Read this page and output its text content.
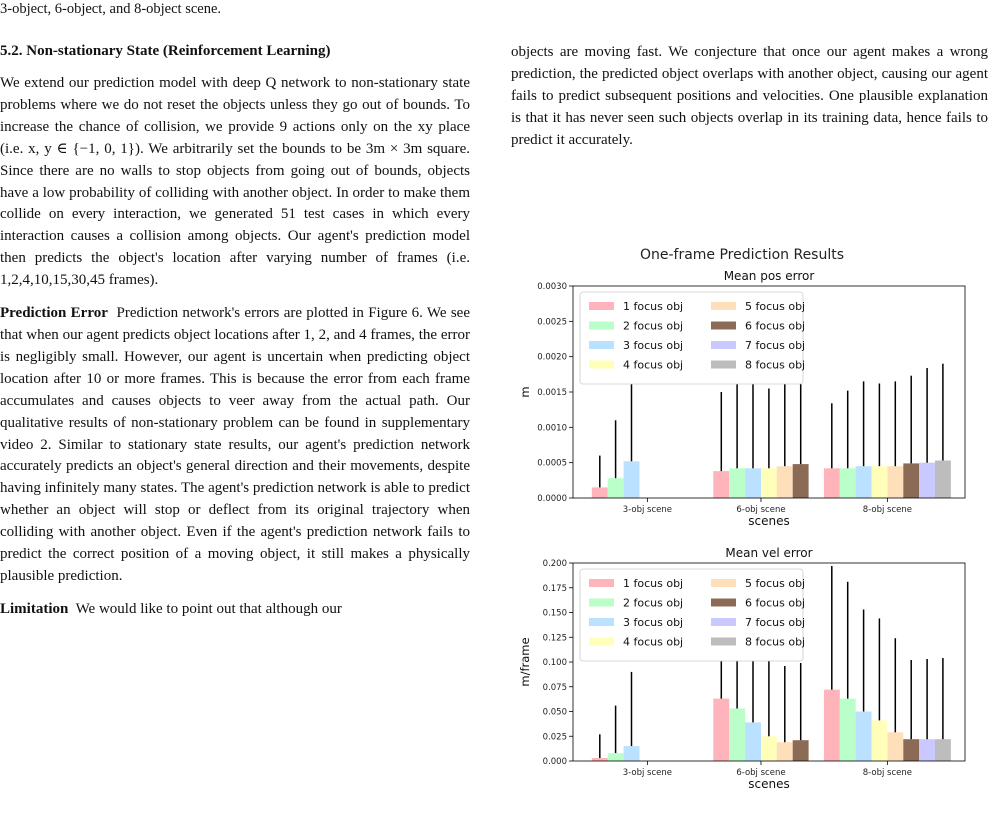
3-object, 6-object, and 8-object scene.
5.2. Non-stationary State (Reinforcement Learning)

We extend our prediction model with deep Q network to non-stationary state problems where we do not reset the objects unless they go out of bounds. To increase the chance of collision, we provide 9 actions only on the xy place (i.e. x, y ∈ {−1, 0, 1}). We arbitrarily set the bounds to be 3m × 3m square. Since there are no walls to stop objects from going out of bounds, objects have a low probability of colliding with another object. In order to make them collide on every interaction, we generated 51 test cases in which every interaction causes a collision among objects. Our agent's prediction model then predicts the object's location after varying number of frames (i.e. 1,2,4,10,15,30,45 frames).

Prediction Error Prediction network's errors are plotted in Figure 6. We see that when our agent predicts object locations after 1, 2, and 4 frames, the error is negligibly small. However, our agent is uncertain when predicting object location after 10 or more frames. This is because the error from each frame accumulates and causes objects to veer away from the actual path. Our qualitative results of non-stationary problem can be found in supplementary video 2. Similar to stationary state results, our agent's prediction network accurately predicts an object's general direction and their movements, despite having infinitely many states. The agent's prediction network is able to predict whether an object will stop or deflect from its original trajectory when colliding with another object. Even if the agent's prediction network fails to predict the correct position of a moving object, it still makes a physically plausible prediction.

Limitation We would like to point out that although our

objects are moving fast. We conjecture that once our agent makes a wrong prediction, the predicted object overlaps with another object, causing our agent fails to predict subsequent positions and velocities. One plausible explanation is that it has never seen such objects overlap in its training data, hence fails to predict it accurately.

One-frame Prediction Results
Mean pos error
0.0000
0.0005
0.0010
0.0015
0.0020
0.0025
0.0030
3-obj scene	6-obj scene	8-obj scene
scenes
m
1 focus obj
2 focus obj
3 focus obj
4 focus obj
5 focus obj
6 focus obj
7 focus obj
8 focus obj
Mean vel error
0.000
0.025
0.050
0.075
0.100
0.125
0.150
0.175
0.200
3-obj scene	6-obj scene	8-obj scene
scenes
m/frame
1 focus obj
2 focus obj
3 focus obj
4 focus obj
5 focus obj
6 focus obj
7 focus obj
8 focus obj
